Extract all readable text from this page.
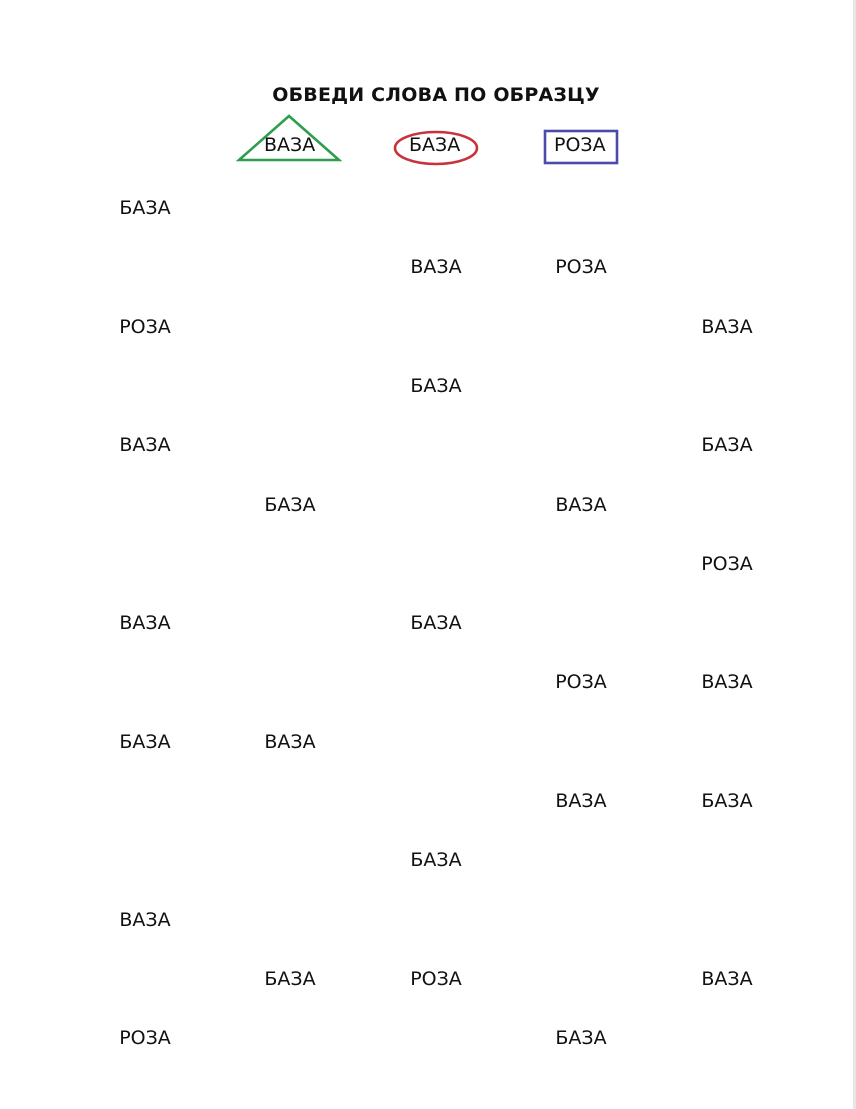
ОБВЕДИ СЛОВА ПО ОБРАЗЦУ
ВАЗА	БАЗА	РОЗА
БАЗА
ВАЗА	РОЗА
РОЗА	ВАЗА
БАЗА
ВАЗА	БАЗА
БАЗА	ВАЗА
РОЗА
ВАЗА	БАЗА
РОЗА	ВАЗА
БАЗА	ВАЗА
ВАЗА	БАЗА
БАЗА
ВАЗА
БАЗА	РОЗА	ВАЗА
РОЗА	БАЗА
